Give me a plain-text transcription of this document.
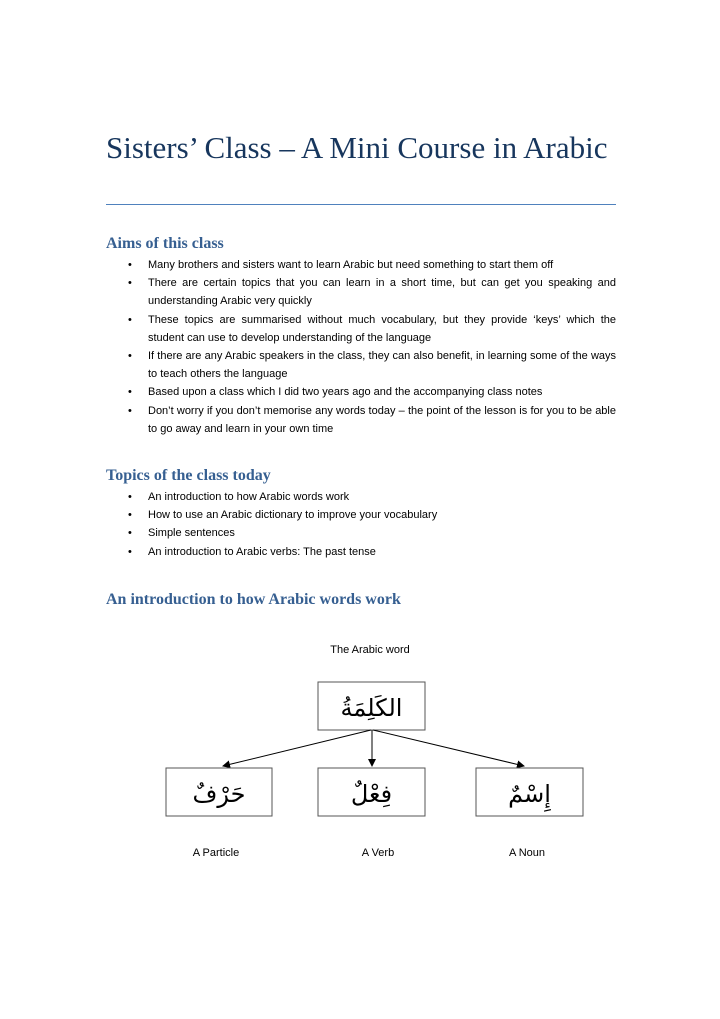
Sisters’ Class – A Mini Course in Arabic
Aims of this class
• Many brothers and sisters want to learn Arabic but need something to start them off
• There are certain topics that you can learn in a short time, but can get you speaking and understanding Arabic very quickly
• These topics are summarised without much vocabulary, but they provide ‘keys’ which the student can use to develop understanding of the language
• If there are any Arabic speakers in the class, they can also benefit, in learning some of the ways to teach others the language
• Based upon a class which I did two years ago and the accompanying class notes
• Don’t worry if you don’t memorise any words today – the point of the lesson is for you to be able to go away and learn in your own time
Topics of the class today
• An introduction to how Arabic words work
• How to use an Arabic dictionary to improve your vocabulary
• Simple sentences
• An introduction to Arabic verbs: The past tense
An introduction to how Arabic words work
The Arabic word
الكَلِمَةُ
حَرْفٌ	فِعْلٌ	إِسْمٌ
A Particle	A Verb	A Noun
